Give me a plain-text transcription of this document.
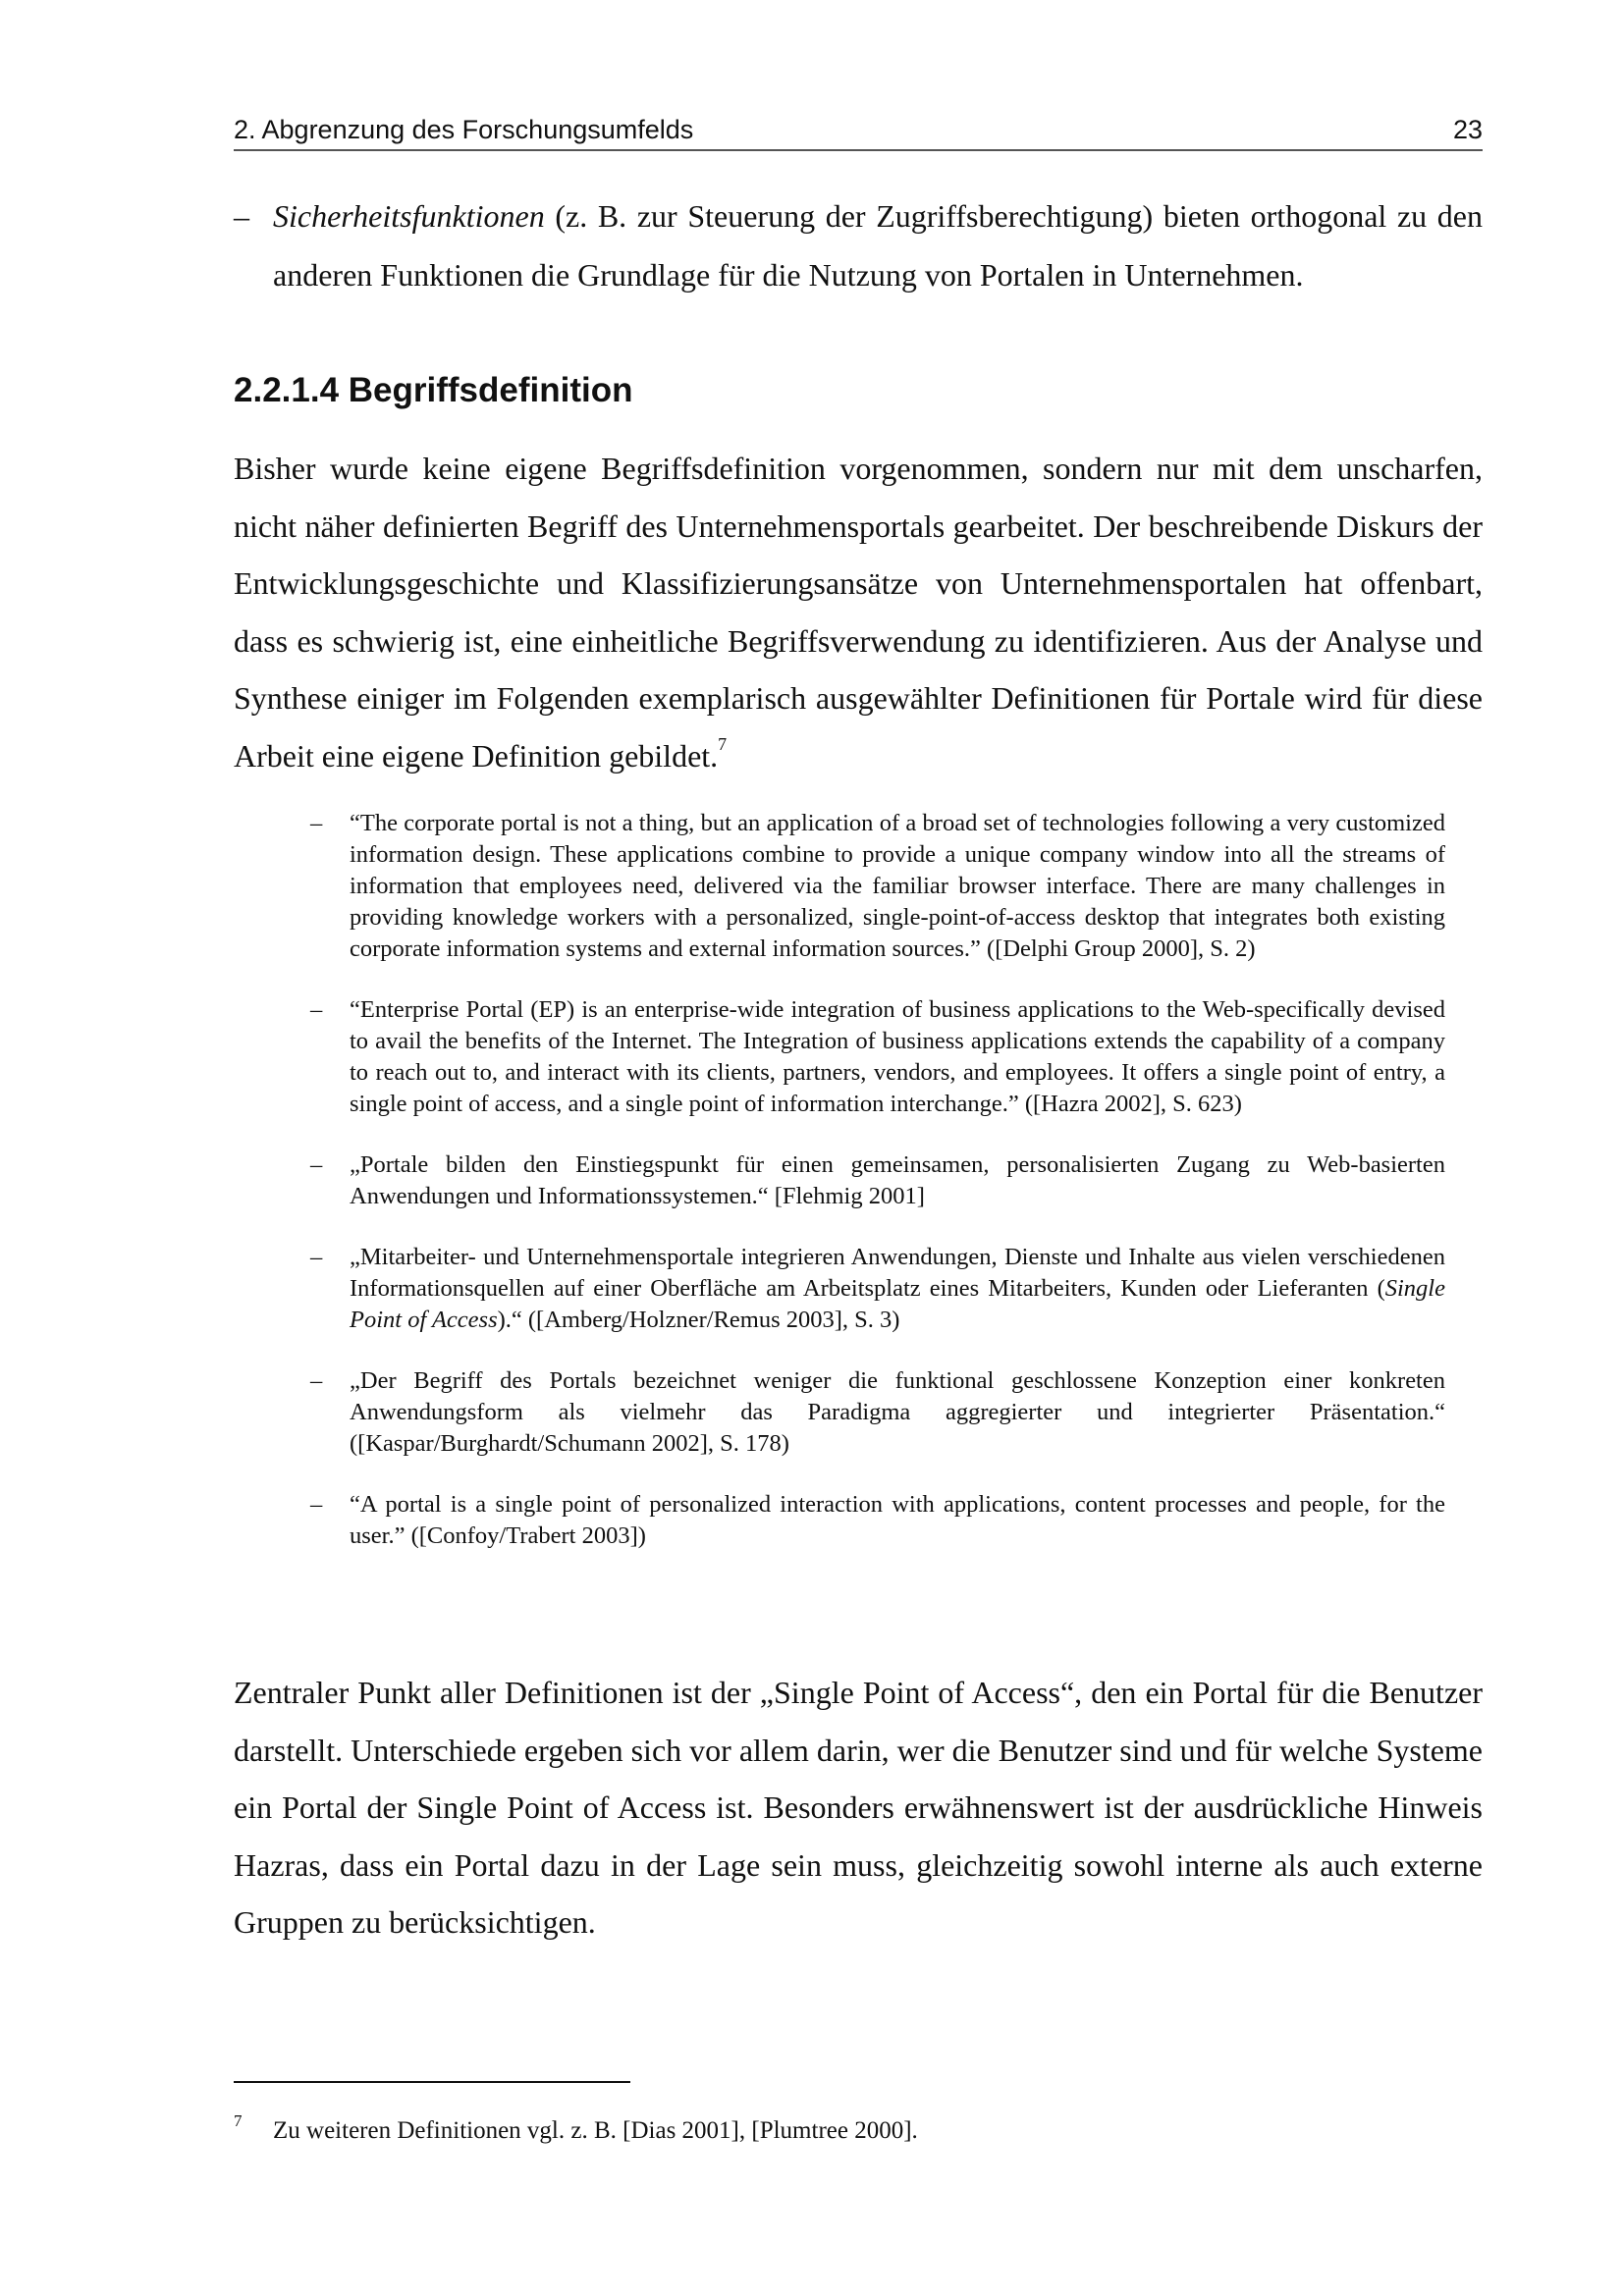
2. Abgrenzung des Forschungsumfelds	23
– Sicherheitsfunktionen (z. B. zur Steuerung der Zugriffsberechtigung) bieten orthogonal zu den anderen Funktionen die Grundlage für die Nutzung von Portalen in Unternehmen.
2.2.1.4 Begriffsdefinition

Bisher wurde keine eigene Begriffsdefinition vorgenommen, sondern nur mit dem unscharfen, nicht näher definierten Begriff des Unternehmensportals gearbeitet. Der beschreibende Diskurs der Entwicklungsgeschichte und Klassifizierungsansätze von Unternehmensportalen hat offenbart, dass es schwierig ist, eine einheitliche Begriffsverwendung zu identifizieren. Aus der Analyse und Synthese einiger im Folgenden exemplarisch ausgewählter Definitionen für Portale wird für diese Arbeit eine eigene Definition gebildet.$^7$

– “The corporate portal is not a thing, but an application of a broad set of technologies following a very customized information design. These applications combine to provide a unique company window into all the streams of information that employees need, delivered via the familiar browser interface. There are many challenges in providing knowledge workers with a personalized, single-point-of-access desktop that integrates both existing corporate information systems and external information sources.” ([Delphi Group 2000], S. 2)
– “Enterprise Portal (EP) is an enterprise-wide integration of business applications to the Web-specifically devised to avail the benefits of the Internet. The Integration of business applications extends the capability of a company to reach out to, and interact with its clients, partners, vendors, and employees. It offers a single point of entry, a single point of access, and a single point of information interchange.” ([Hazra 2002], S. 623)
– „Portale bilden den Einstiegspunkt für einen gemeinsamen, personalisierten Zugang zu Web-basierten Anwendungen und Informationssystemen.“ [Flehmig 2001]
– „Mitarbeiter- und Unternehmensportale integrieren Anwendungen, Dienste und Inhalte aus vielen verschiedenen Informationsquellen auf einer Oberfläche am Arbeitsplatz eines Mitarbeiters, Kunden oder Lieferanten (Single Point of Access).“ ([Amberg/Holzner/Remus 2003], S. 3)
– „Der Begriff des Portals bezeichnet weniger die funktional geschlossene Konzeption einer konkreten Anwendungsform als vielmehr das Paradigma aggregierter und integrierter Präsentation.“ ([Kaspar/Burghardt/Schumann 2002], S. 178)
– “A portal is a single point of personalized interaction with applications, content processes and people, for the user.” ([Confoy/Trabert 2003])

Zentraler Punkt aller Definitionen ist der „Single Point of Access“, den ein Portal für die Benutzer darstellt. Unterschiede ergeben sich vor allem darin, wer die Benutzer sind und für welche Systeme ein Portal der Single Point of Access ist. Besonders erwähnenswert ist der ausdrückliche Hinweis Hazras, dass ein Portal dazu in der Lage sein muss, gleichzeitig sowohl interne als auch externe Gruppen zu berücksichtigen.

7 Zu weiteren Definitionen vgl. z. B. [Dias 2001], [Plumtree 2000].
